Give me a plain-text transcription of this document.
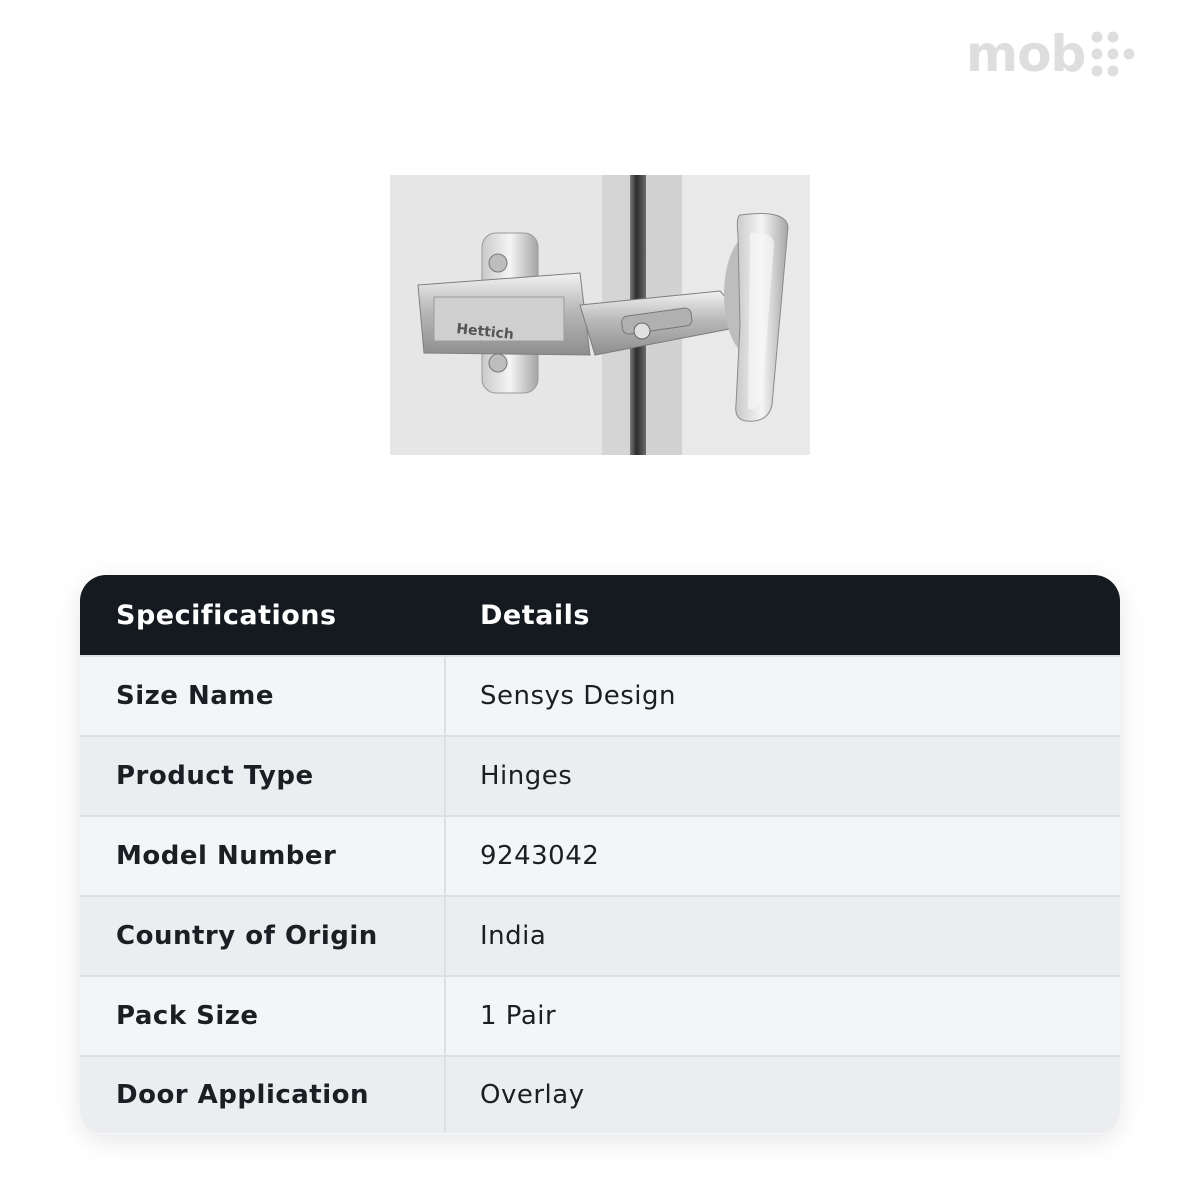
mob
Hettich
Specifications	Details
Size Name	Sensys Design
Product Type	Hinges
Model Number	9243042
Country of Origin	India
Pack Size	1 Pair
Door Application	Overlay
